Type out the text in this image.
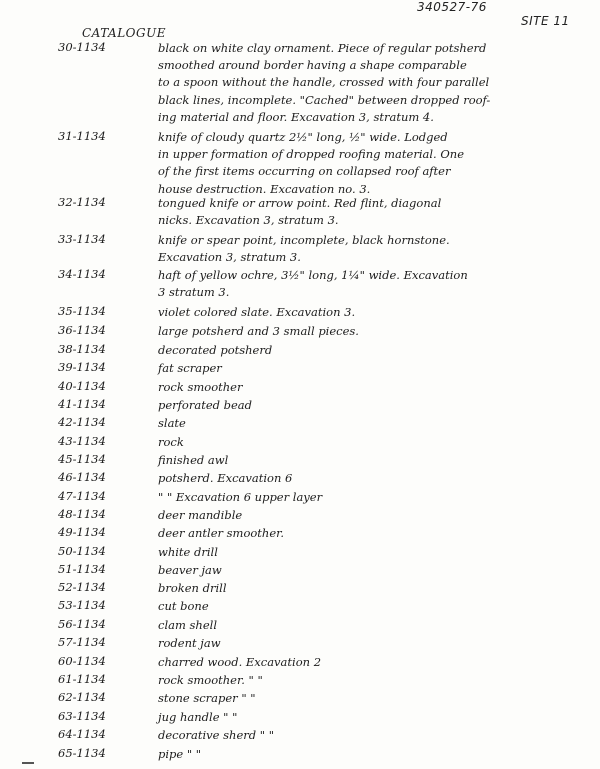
340527-76
SITE 11
CATALOGUE
30-1134	black on white clay ornament. Piece of regular potsherd
smoothed around border having a shape comparable
to a spoon without the handle, crossed with four parallel
black lines, incomplete. "Cached" between dropped roof-
ing material and floor. Excavation 3, stratum 4.
31-1134	knife of cloudy quartz 2½" long, ½" wide. Lodged
in upper formation of dropped roofing material. One
of the first items occurring on collapsed roof after
house destruction. Excavation no. 3.
32-1134	tongued knife or arrow point. Red flint, diagonal
nicks. Excavation 3, stratum 3.
33-1134	knife or spear point, incomplete, black hornstone.
Excavation 3, stratum 3.
34-1134	haft of yellow ochre, 3½" long, 1¼" wide. Excavation
3 stratum 3.
35-1134	violet colored slate. Excavation 3.
36-1134	large potsherd and 3 small pieces.
38-1134	decorated potsherd
39-1134	fat scraper
40-1134	rock smoother
41-1134	perforated bead
42-1134	slate
43-1134	rock
45-1134	finished awl
46-1134	potsherd. Excavation 6
47-1134	" " Excavation 6 upper layer
48-1134	deer mandible
49-1134	deer antler smoother.
50-1134	white drill
51-1134	beaver jaw
52-1134	broken drill
53-1134	cut bone
56-1134	clam shell
57-1134	rodent jaw
60-1134	charred wood. Excavation 2
61-1134	rock smoother. " "
62-1134	stone scraper " "
63-1134	jug handle " "
64-1134	decorative sherd " "
65-1134	pipe " "
